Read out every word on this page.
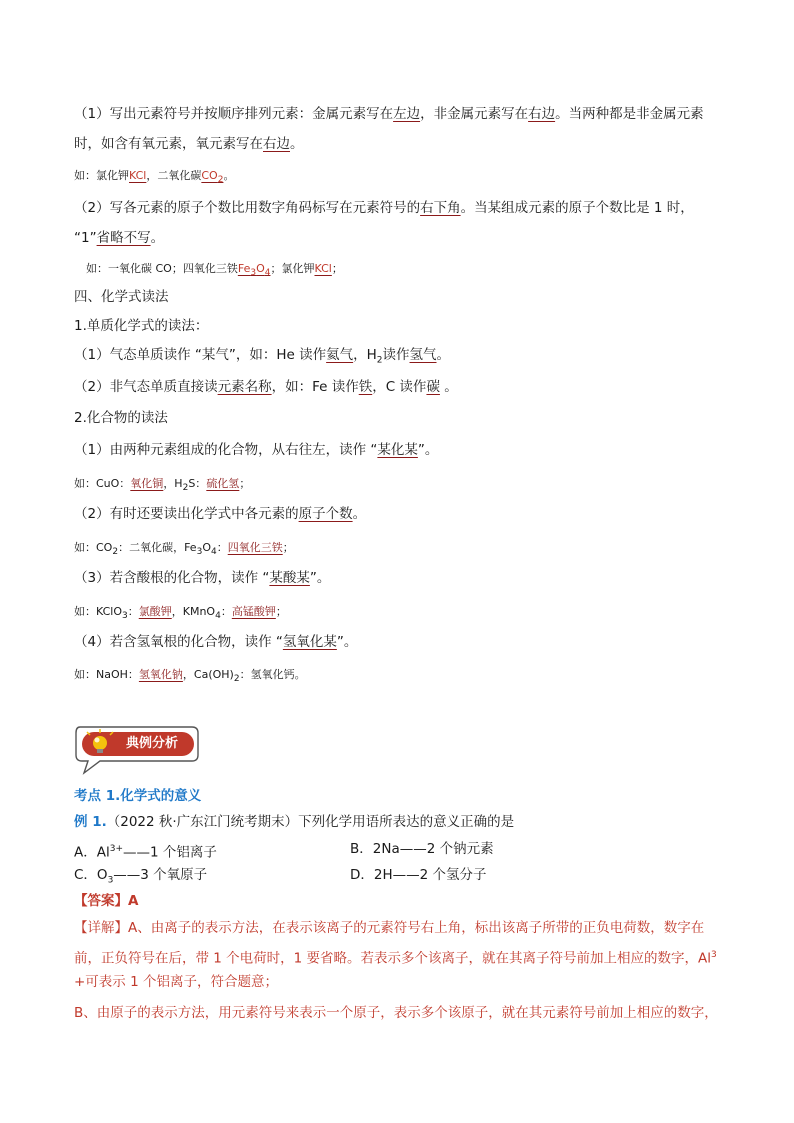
（1）写出元素符号并按顺序排列元素：金属元素写在左边，非金属元素写在右边。当两种都是非金属元素
时，如含有氧元素，氧元素写在右边。
如：氯化钾KCl，二氧化碳$CO_2$。
（2）写各元素的原子个数比用数字角码标写在元素符号的右下角。当某组成元素的原子个数比是 1 时，
“1”省略不写。
如：一氧化碳 CO；四氧化三铁$Fe_3O_4$；氯化钾KCl；
四、化学式读法
1.单质化学式的读法：
（1）气态单质读作 “某气”，如：He 读作氦气，$H_2$读作氢气。
（2）非气态单质直接读元素名称，如：Fe 读作铁，C 读作碳 。
2.化合物的读法
（1）由两种元素组成的化合物，从右往左，读作 “某化某”。
如：CuO：氧化铜，$H_2S$：硫化氢；
（2）有时还要读出化学式中各元素的原子个数。
如：$CO_2$：二氧化碳，$Fe_3O_4$：四氧化三铁；
（3）若含酸根的化合物，读作 “某酸某”。
如：KClO$_3$：氯酸钾，KMnO$_4$：高锰酸钾；
（4）若含氢氧根的化合物，读作 “氢氧化某”。
如：NaOH：氢氧化钠，$Ca(OH)_2$：氢氧化钙。
典例分析
考点 1.化学式的意义
例 1.（2022 秋·广东江门统考期末）下列化学用语所表达的意义正确的是
A．$Al^{3+}——1$ 个铝离子	B．2Na——2 个钠元素
C．$O_3——3$ 个氧原子	D．2H——2 个氢分子
【答案】A
【详解】A、由离子的表示方法，在表示该离子的元素符号右上角，标出该离子所带的正负电荷数，数字在
前，正负符号在后，带 1 个电荷时，1 要省略。若表示多个该离子，就在其离子符号前加上相应的数字，$Al^3$
+可表示 1 个铝离子，符合题意；
B、由原子的表示方法，用元素符号来表示一个原子，表示多个该原子，就在其元素符号前加上相应的数字，
